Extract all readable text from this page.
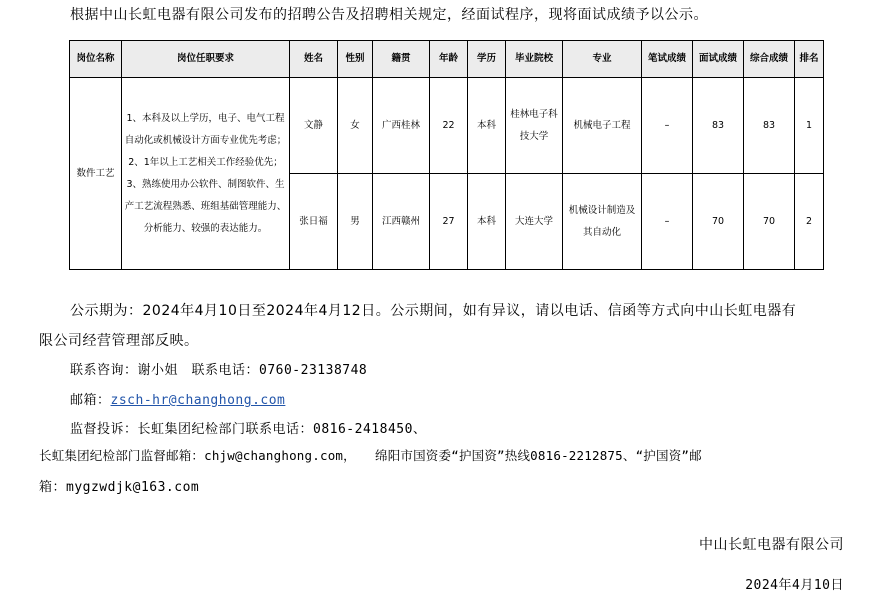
根据中山长虹电器有限公司发布的招聘公告及招聘相关规定，经面试程序，现将面试成绩予以公示。
岗位名称	岗位任职要求	姓名	性别	籍贯	年龄	学历	毕业院校	专业	笔试成绩	面试成绩	综合成绩	排名
数件工艺	1、本科及以上学历，电子、电气工程自动化或机械设计方面专业优先考虑；
2、1年以上工艺相关工作经验优先；
3、熟练使用办公软件、制图软件、生产工艺流程熟悉、班组基础管理能力、分析能力、较强的表达能力。	文静	女	广西桂林	22	本科	桂林电子科技大学	机械电子工程	–	83	83	1
		张日福	男	江西赣州	27	本科	大连大学	机械设计制造及其自动化	–	70	70	2
公示期为：2024年4月10日至2024年4月12日。公示期间，如有异议，请以电话、信函等方式向中山长虹电器有
限公司经营管理部反映。
联系咨询：谢小姐　联系电话：0760-23138748
邮箱：zsch-hr@changhong.com
监督投诉：长虹集团纪检部门联系电话：0816-2418450、
长虹集团纪检部门监督邮箱：chjw@changhong.com，　　绵阳市国资委“护国资”热线0816-2212875、“护国资”邮
箱：mygzwdjk@163.com
中山长虹电器有限公司
2024年4月10日
